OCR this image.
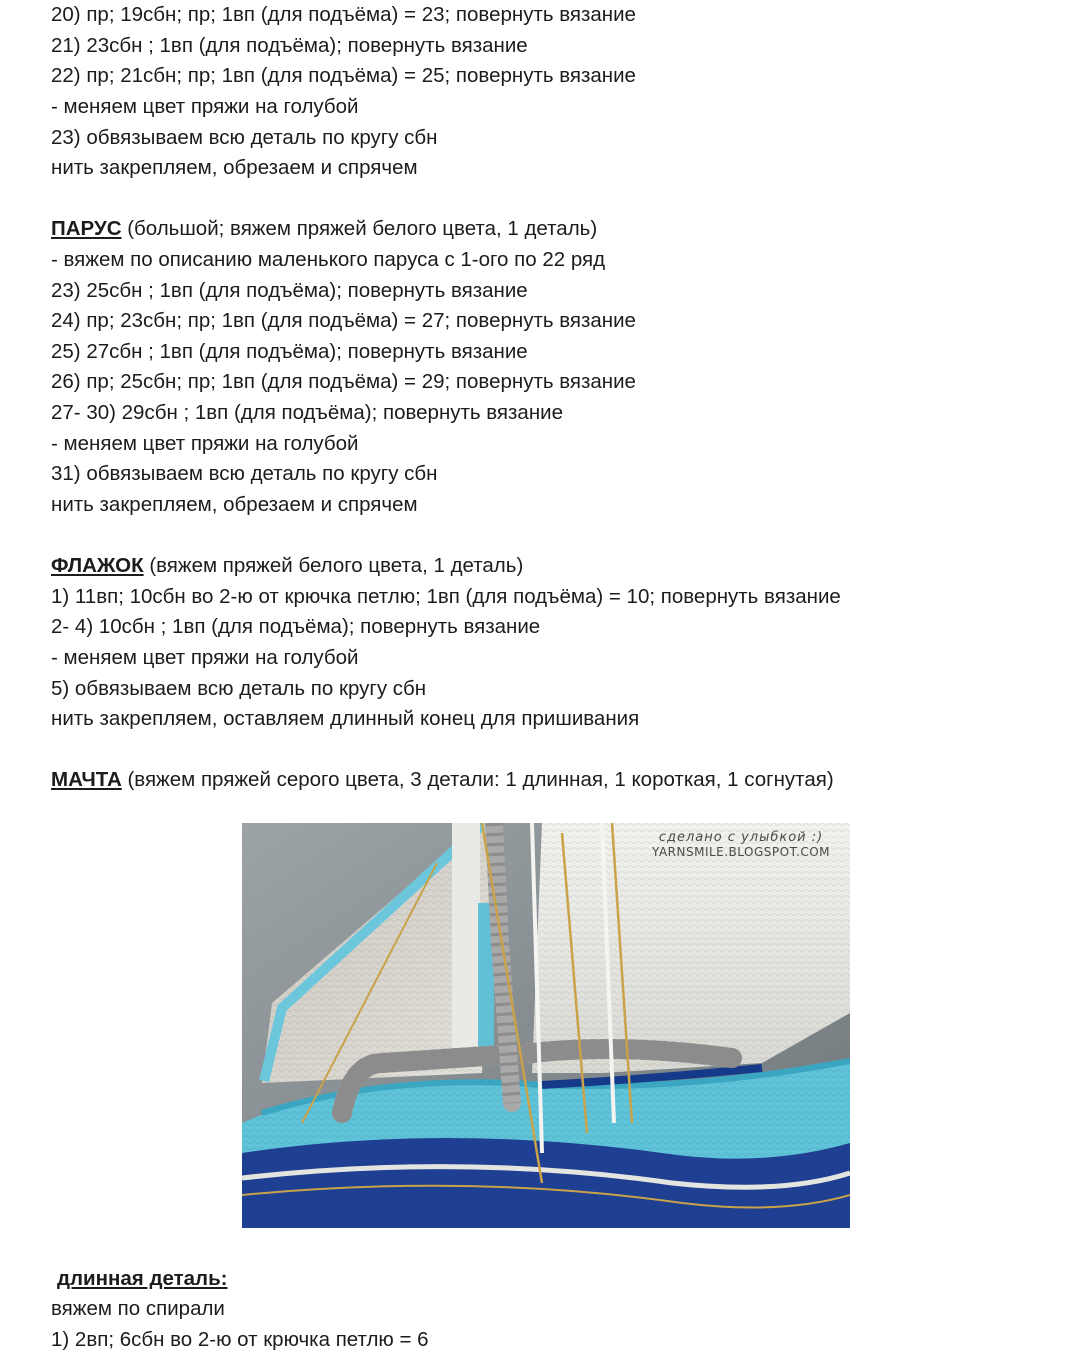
20) пр; 19сбн; пр; 1вп (для подъёма) = 23; повернуть вязание
21) 23сбн ; 1вп (для подъёма); повернуть вязание
22) пр; 21сбн; пр; 1вп (для подъёма) = 25; повернуть вязание
- меняем цвет пряжи на голубой
23) обвязываем всю деталь по кругу сбн
нить закрепляем, обрезаем и спрячем
ПАРУС (большой; вяжем пряжей белого цвета, 1 деталь)
- вяжем по описанию маленького паруса с 1-ого по 22 ряд
23) 25сбн ; 1вп (для подъёма); повернуть вязание
24) пр; 23сбн; пр; 1вп (для подъёма) = 27; повернуть вязание
25) 27сбн ; 1вп (для подъёма); повернуть вязание
26) пр; 25сбн; пр; 1вп (для подъёма) = 29; повернуть вязание
27- 30) 29сбн ; 1вп (для подъёма); повернуть вязание
- меняем цвет пряжи на голубой
31) обвязываем всю деталь по кругу сбн
нить закрепляем, обрезаем и спрячем
ФЛАЖОК (вяжем пряжей белого цвета, 1 деталь)
1) 11вп; 10сбн во 2-ю от крючка петлю; 1вп (для подъёма) = 10; повернуть вязание
2- 4) 10сбн ; 1вп (для подъёма); повернуть вязание
- меняем цвет пряжи на голубой
5) обвязываем всю деталь по кругу сбн
нить закрепляем, оставляем длинный конец для пришивания
МАЧТА (вяжем пряжей серого цвета, 3 детали: 1 длинная, 1 короткая, 1 согнутая)
сделано с улыбкой :)
YARNSMILE.BLOGSPOT.COM
длинная деталь:
вяжем по спирали
1) 2вп; 6сбн во 2-ю от крючка петлю = 6
